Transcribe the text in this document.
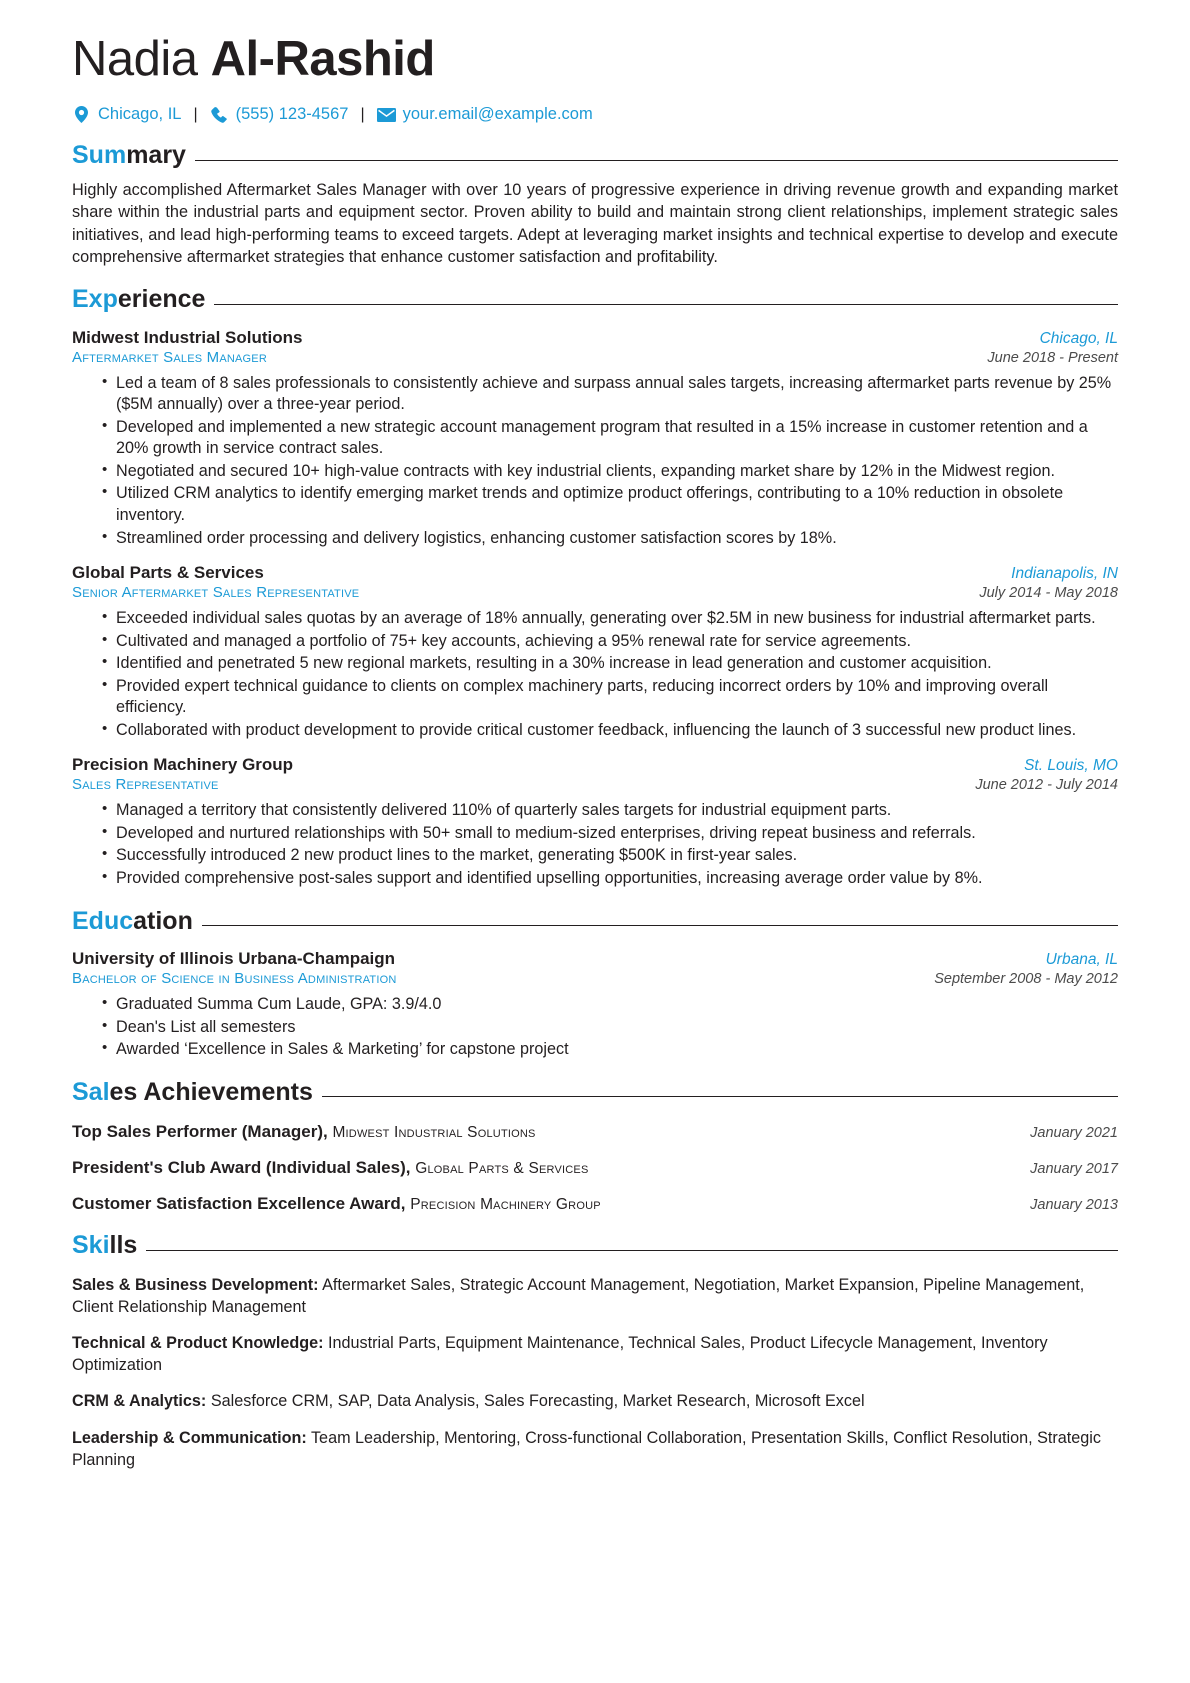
Nadia Al-Rashid
Chicago, IL | (555) 123-4567 | your.email@example.com
Summary

Highly accomplished Aftermarket Sales Manager with over 10 years of progressive experience in driving revenue growth and expanding market share within the industrial parts and equipment sector. Proven ability to build and maintain strong client relationships, implement strategic sales initiatives, and lead high-performing teams to exceed targets. Adept at leveraging market insights and technical expertise to develop and execute comprehensive aftermarket strategies that enhance customer satisfaction and profitability.

Experience
Midwest Industrial Solutions	Chicago, IL
Aftermarket Sales Manager	June 2018 - Present
• Led a team of 8 sales professionals to consistently achieve and surpass annual sales targets, increasing aftermarket parts revenue by 25% ($5M annually) over a three-year period.
• Developed and implemented a new strategic account management program that resulted in a 15% increase in customer retention and a 20% growth in service contract sales.
• Negotiated and secured 10+ high-value contracts with key industrial clients, expanding market share by 12% in the Midwest region.
• Utilized CRM analytics to identify emerging market trends and optimize product offerings, contributing to a 10% reduction in obsolete inventory.
• Streamlined order processing and delivery logistics, enhancing customer satisfaction scores by 18%.
Global Parts & Services	Indianapolis, IN
Senior Aftermarket Sales Representative	July 2014 - May 2018
• Exceeded individual sales quotas by an average of 18% annually, generating over $2.5M in new business for industrial aftermarket parts.
• Cultivated and managed a portfolio of 75+ key accounts, achieving a 95% renewal rate for service agreements.
• Identified and penetrated 5 new regional markets, resulting in a 30% increase in lead generation and customer acquisition.
• Provided expert technical guidance to clients on complex machinery parts, reducing incorrect orders by 10% and improving overall efficiency.
• Collaborated with product development to provide critical customer feedback, influencing the launch of 3 successful new product lines.
Precision Machinery Group	St. Louis, MO
Sales Representative	June 2012 - July 2014
• Managed a territory that consistently delivered 110% of quarterly sales targets for industrial equipment parts.
• Developed and nurtured relationships with 50+ small to medium-sized enterprises, driving repeat business and referrals.
• Successfully introduced 2 new product lines to the market, generating $500K in first-year sales.
• Provided comprehensive post-sales support and identified upselling opportunities, increasing average order value by 8%.
Education
University of Illinois Urbana-Champaign	Urbana, IL
Bachelor of Science in Business Administration	September 2008 - May 2012
• Graduated Summa Cum Laude, GPA: 3.9/4.0
• Dean's List all semesters
• Awarded ‘Excellence in Sales & Marketing’ for capstone project
Sales Achievements
Top Sales Performer (Manager), Midwest Industrial Solutions	January 2021
President's Club Award (Individual Sales), Global Parts & Services	January 2017
Customer Satisfaction Excellence Award, Precision Machinery Group	January 2013
Skills
Sales & Business Development: Aftermarket Sales, Strategic Account Management, Negotiation, Market Expansion, Pipeline Management, Client Relationship Management
Technical & Product Knowledge: Industrial Parts, Equipment Maintenance, Technical Sales, Product Lifecycle Management, Inventory Optimization
CRM & Analytics: Salesforce CRM, SAP, Data Analysis, Sales Forecasting, Market Research, Microsoft Excel
Leadership & Communication: Team Leadership, Mentoring, Cross-functional Collaboration, Presentation Skills, Conflict Resolution, Strategic Planning
